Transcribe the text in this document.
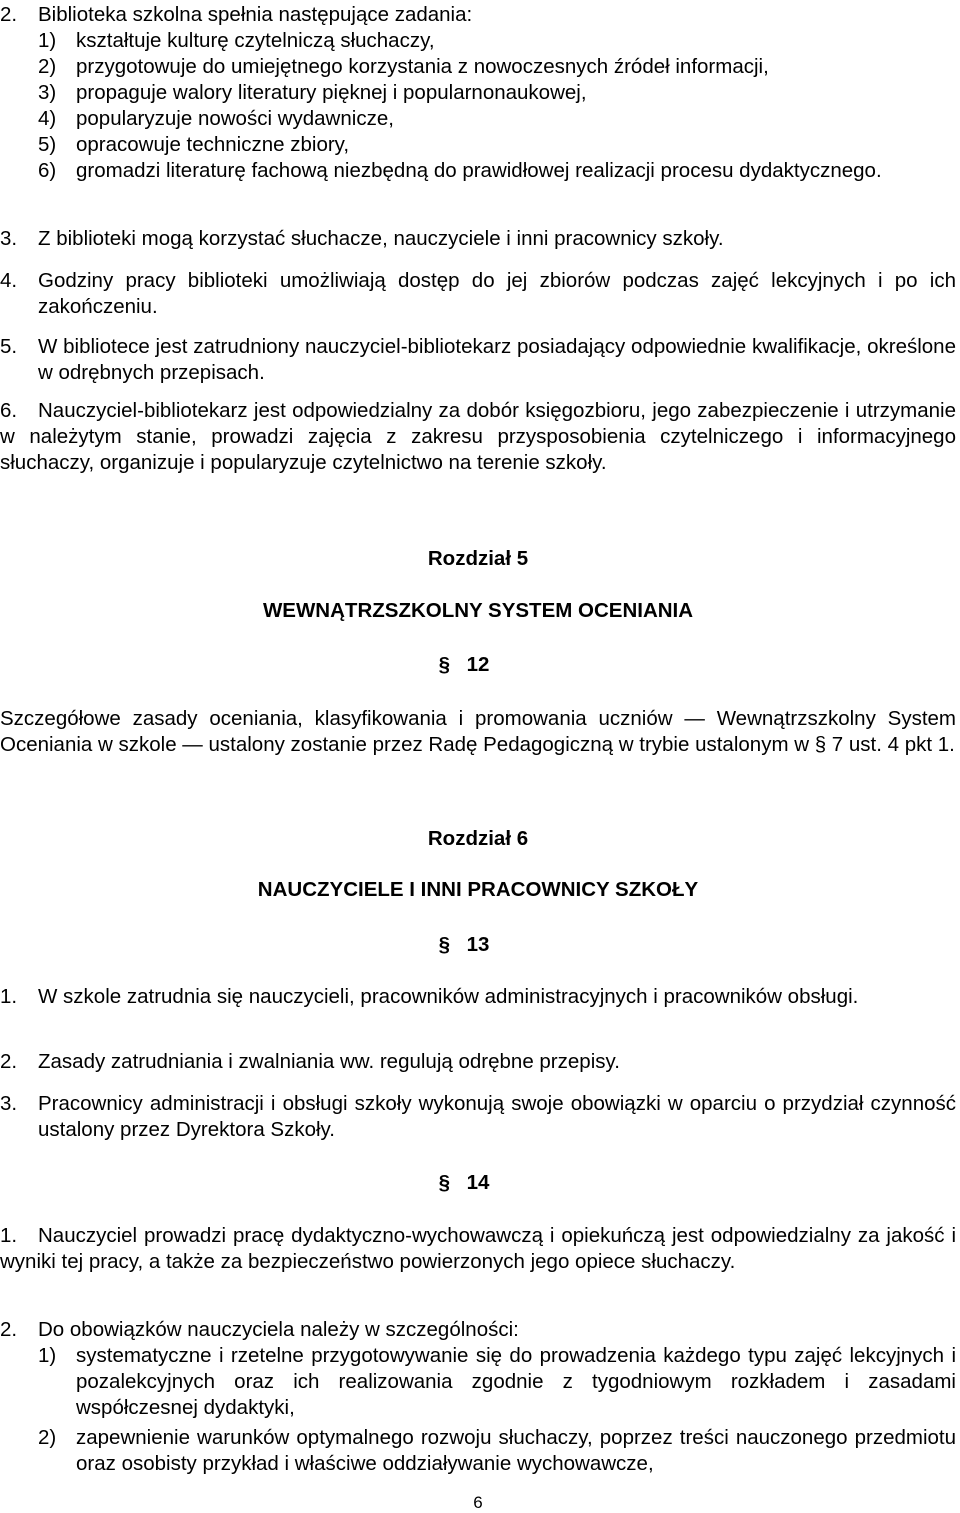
2.	Biblioteka szkolna spełnia następujące zadania:
1) kształtuje kulturę czytelniczą słuchaczy,
2) przygotowuje do umiejętnego korzystania z nowoczesnych źródeł informacji,
3) propaguje walory literatury pięknej i popularnonaukowej,
4) popularyzuje nowości wydawnicze,
5) opracowuje techniczne zbiory,
6) gromadzi literaturę fachową niezbędną do prawidłowej realizacji procesu dydaktycznego.
3.	Z biblioteki mogą korzystać słuchacze, nauczyciele i inni pracownicy szkoły.
4.	Godziny pracy biblioteki umożliwiają dostęp do jej zbiorów podczas zajęć lekcyjnych i po ich zakończeniu.
5.	W bibliotece jest zatrudniony nauczyciel-bibliotekarz posiadający odpowiednie kwalifikacje, określone w odrębnych przepisach.
6. Nauczyciel-bibliotekarz jest odpowiedzialny za dobór księgozbioru, jego zabezpieczenie i utrzymanie w należytym stanie, prowadzi zajęcia z zakresu przysposobienia czytelniczego i informacyjnego słuchaczy, organizuje i popularyzuje czytelnictwo na terenie szkoły.
Rozdział 5
WEWNĄTRZSZKOLNY SYSTEM OCENIANIA
§ 12
Szczegółowe zasady oceniania, klasyfikowania i promowania uczniów — Wewnątrzszkolny System Oceniania w szkole — ustalony zostanie przez Radę Pedagogiczną w trybie ustalonym w § 7 ust. 4 pkt 1.
Rozdział 6
NAUCZYCIELE I INNI PRACOWNICY SZKOŁY
§ 13
1.	W szkole zatrudnia się nauczycieli, pracowników administracyjnych i pracowników obsługi.
2.	Zasady zatrudniania i zwalniania ww. regulują odrębne przepisy.
3.	Pracownicy administracji i obsługi szkoły wykonują swoje obowiązki w oparciu o przydział czynność ustalony przez Dyrektora Szkoły.
§ 14
1. Nauczyciel prowadzi pracę dydaktyczno-wychowawczą i opiekuńczą jest odpowiedzialny za jakość i wyniki tej pracy, a także za bezpieczeństwo powierzonych jego opiece słuchaczy.
2.	Do obowiązków nauczyciela należy w szczególności:
1) systematyczne i rzetelne przygotowywanie się do prowadzenia każdego typu zajęć lekcyjnych i pozalekcyjnych oraz ich realizowania zgodnie z tygodniowym rozkładem i zasadami współczesnej dydaktyki,
2) zapewnienie warunków optymalnego rozwoju słuchaczy, poprzez treści nauczonego przedmiotu oraz osobisty przykład i właściwe oddziaływanie wychowawcze,
6
